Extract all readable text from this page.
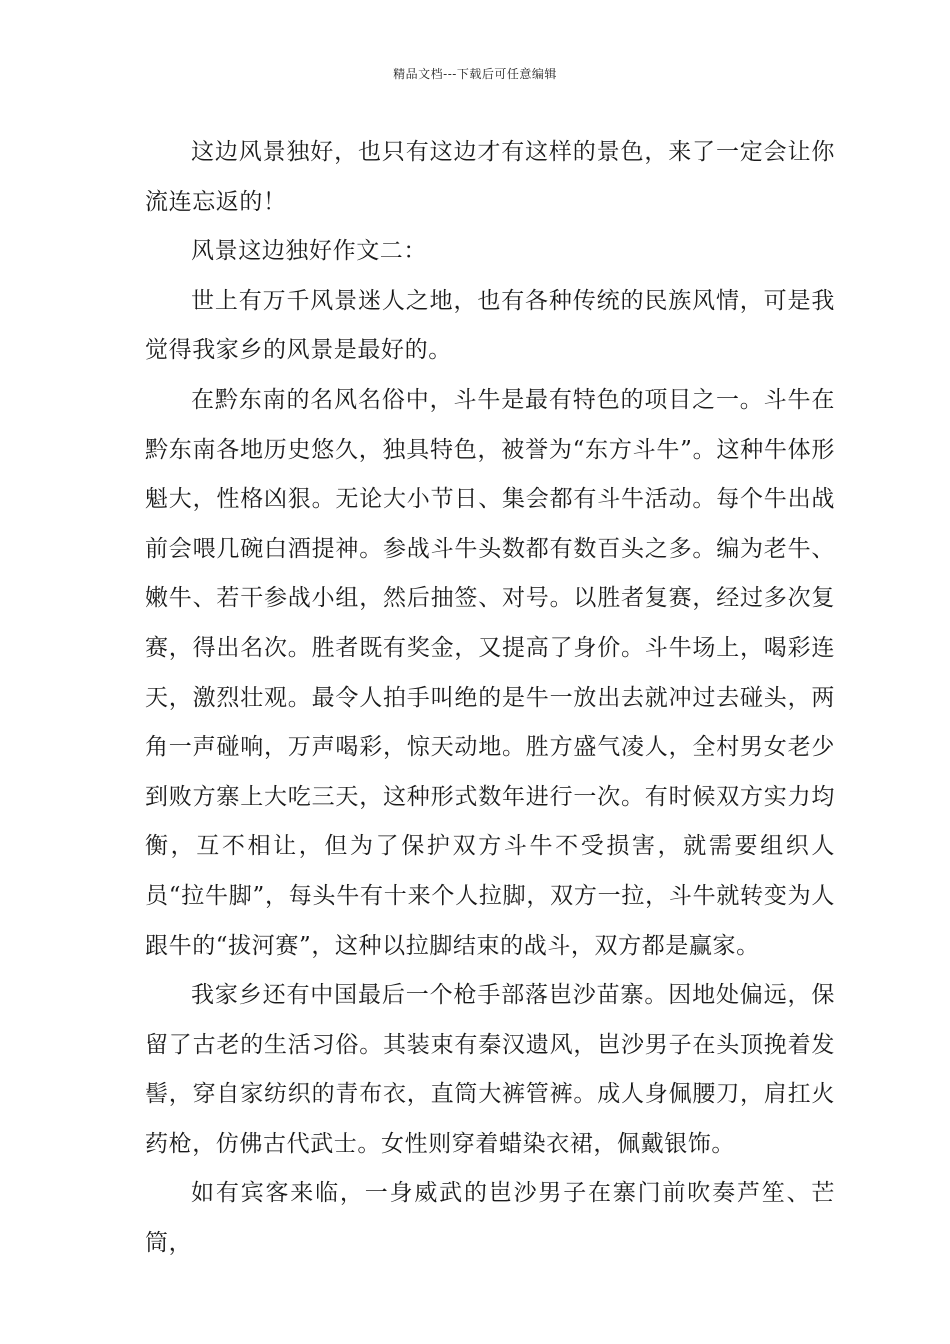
精品文档---下载后可任意编辑

这边风景独好，也只有这边才有这样的景色，来了一定会让你流连忘返的！

风景这边独好作文二：

世上有万千风景迷人之地，也有各种传统的民族风情，可是我觉得我家乡的风景是最好的。

在黔东南的名风名俗中，斗牛是最有特色的项目之一。斗牛在黔东南各地历史悠久，独具特色，被誉为“东方斗牛”。这种牛体形魁大，性格凶狠。无论大小节日、集会都有斗牛活动。每个牛出战前会喂几碗白酒提神。参战斗牛头数都有数百头之多。编为老牛、嫩牛、若干参战小组，然后抽签、对号。以胜者复赛，经过多次复赛，得出名次。胜者既有奖金，又提高了身价。斗牛场上，喝彩连天，激烈壮观。最令人拍手叫绝的是牛一放出去就冲过去碰头，两角一声碰响，万声喝彩，惊天动地。胜方盛气凌人，全村男女老少到败方寨上大吃三天，这种形式数年进行一次。有时候双方实力均衡，互不相让，但为了保护双方斗牛不受损害，就需要组织人员“拉牛脚”，每头牛有十来个人拉脚，双方一拉，斗牛就转变为人跟牛的“拔河赛”，这种以拉脚结束的战斗，双方都是赢家。

我家乡还有中国最后一个枪手部落岜沙苗寨。因地处偏远，保留了古老的生活习俗。其装束有秦汉遗风，岜沙男子在头顶挽着发髻，穿自家纺织的青布衣，直筒大裤管裤。成人身佩腰刀，肩扛火药枪，仿佛古代武士。女性则穿着蜡染衣裙，佩戴银饰。

如有宾客来临，一身威武的岜沙男子在寨门前吹奏芦笙、芒筒，
